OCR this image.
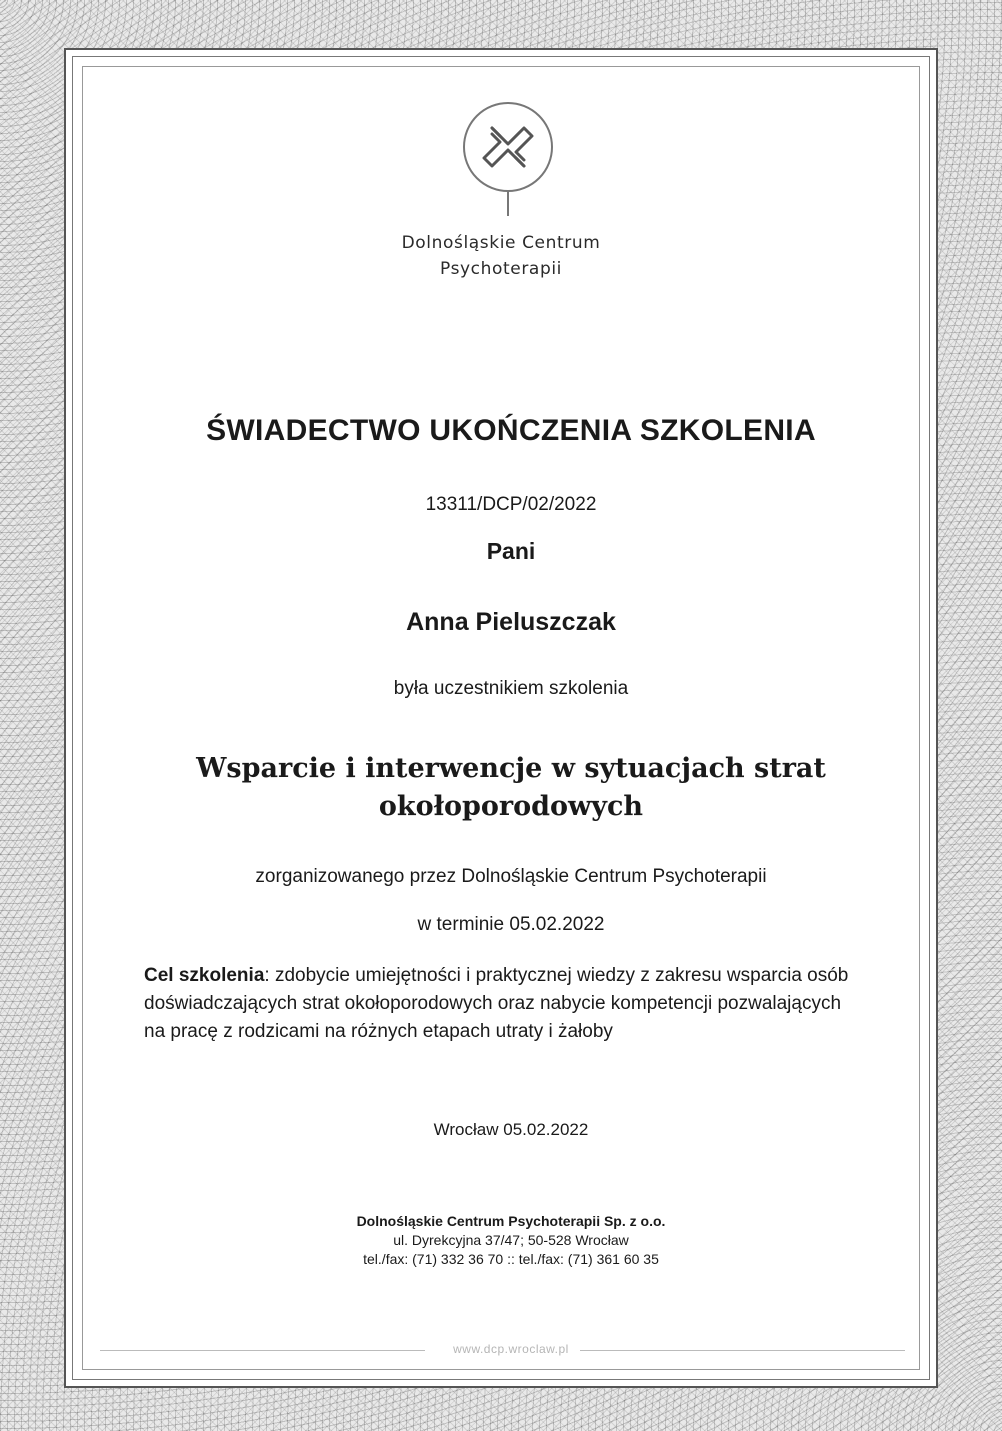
Dolnośląskie Centrum
Psychoterapii
ŚWIADECTWO UKOŃCZENIA SZKOLENIA
13311/DCP/02/2022
Pani
Anna Pieluszczak
była uczestnikiem szkolenia
Wsparcie i interwencje w sytuacjach strat
okołoporodowych
zorganizowanego przez Dolnośląskie Centrum Psychoterapii
w terminie 05.02.2022
Cel szkolenia: zdobycie umiejętności i praktycznej wiedzy z zakresu wsparcia osób doświadczających strat okołoporodowych oraz nabycie kompetencji pozwalających na pracę z rodzicami na różnych etapach utraty i żałoby
Wrocław 05.02.2022
Dolnośląskie Centrum Psychoterapii Sp. z o.o.
ul. Dyrekcyjna 37/47; 50-528 Wrocław
tel./fax: (71) 332 36 70 :: tel./fax: (71) 361 60 35
www.dcp.wroclaw.pl
